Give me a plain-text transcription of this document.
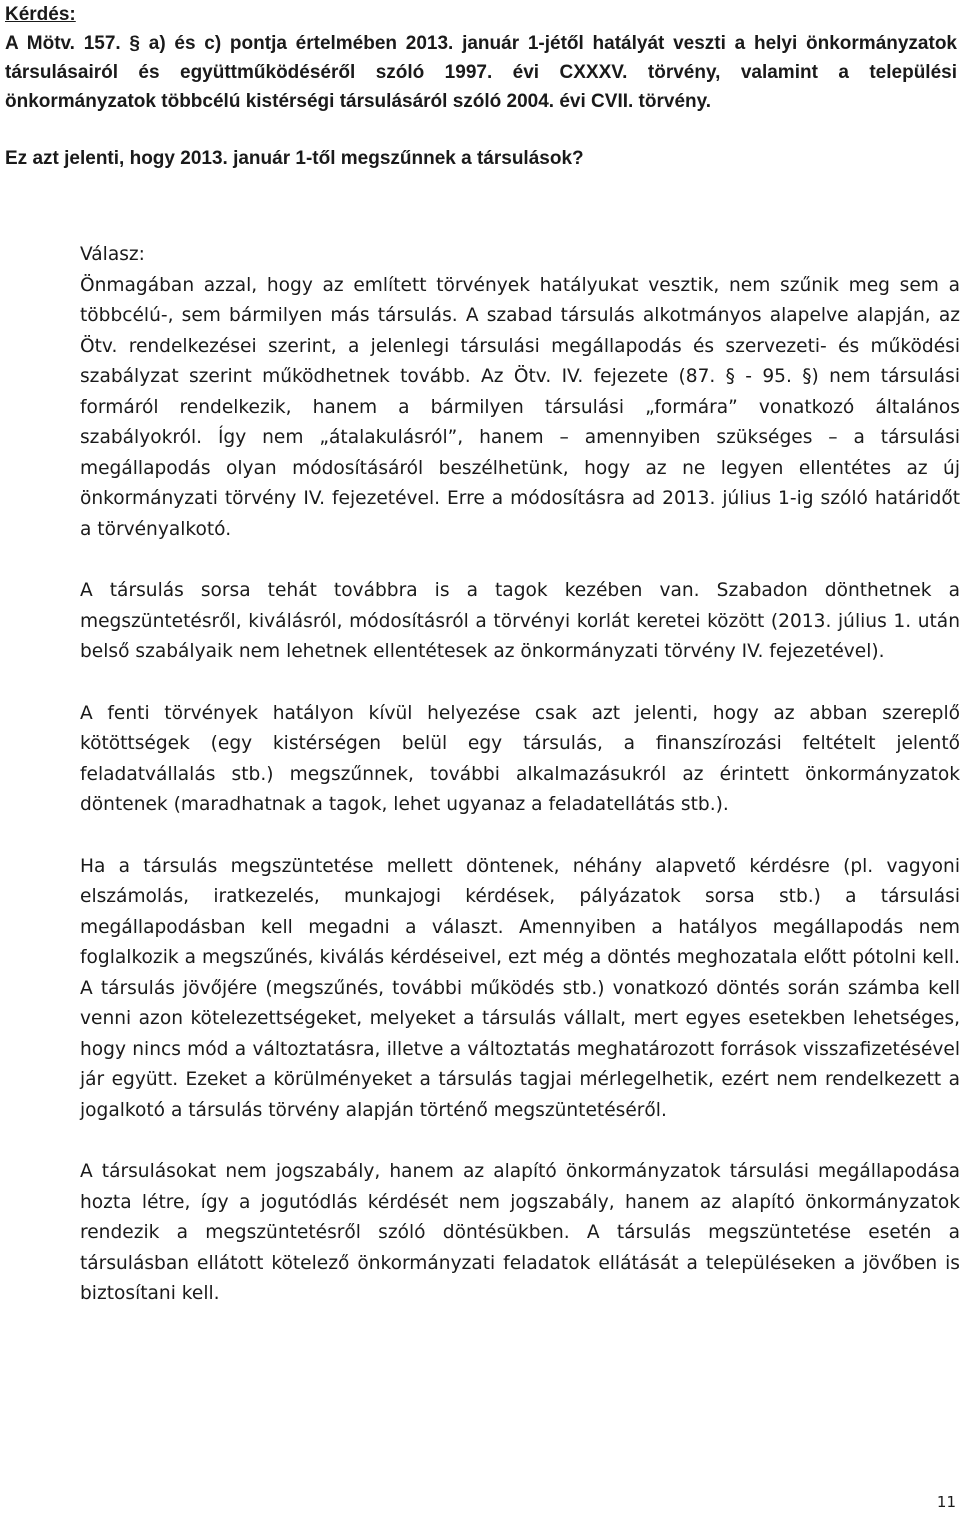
Kérdés:
A Mötv. 157. § a) és c) pontja értelmében 2013. január 1-jétől hatályát veszti a helyi önkormányzatok társulásairól és együttműködéséről szóló 1997. évi CXXXV. törvény, valamint a települési önkormányzatok többcélú kistérségi társulásáról szóló 2004. évi CVII. törvény.
Ez azt jelenti, hogy 2013. január 1-től megszűnnek a társulások?
Válasz:

Önmagában azzal, hogy az említett törvények hatályukat vesztik, nem szűnik meg sem a többcélú-, sem bármilyen más társulás. A szabad társulás alkotmányos alapelve alapján, az Ötv. rendelkezései szerint, a jelenlegi társulási megállapodás és szervezeti- és működési szabályzat szerint működhetnek tovább. Az Ötv. IV. fejezete (87. § - 95. §) nem társulási formáról rendelkezik, hanem a bármilyen társulási „formára” vonatkozó általános szabályokról. Így nem „átalakulásról”, hanem – amennyiben szükséges – a társulási megállapodás olyan módosításáról beszélhetünk, hogy az ne legyen ellentétes az új önkormányzati törvény IV. fejezetével. Erre a módosításra ad 2013. július 1-ig szóló határidőt a törvényalkotó.

A társulás sorsa tehát továbbra is a tagok kezében van. Szabadon dönthetnek a megszüntetésről, kiválásról, módosításról a törvényi korlát keretei között (2013. július 1. után belső szabályaik nem lehetnek ellentétesek az önkormányzati törvény IV. fejezetével).

A fenti törvények hatályon kívül helyezése csak azt jelenti, hogy az abban szereplő kötöttségek (egy kistérségen belül egy társulás, a finanszírozási feltételt jelentő feladatvállalás stb.) megszűnnek, további alkalmazásukról az érintett önkormányzatok döntenek (maradhatnak a tagok, lehet ugyanaz a feladatellátás stb.).

Ha a társulás megszüntetése mellett döntenek, néhány alapvető kérdésre (pl. vagyoni elszámolás, iratkezelés, munkajogi kérdések, pályázatok sorsa stb.) a társulási megállapodásban kell megadni a választ. Amennyiben a hatályos megállapodás nem foglalkozik a megszűnés, kiválás kérdéseivel, ezt még a döntés meghozatala előtt pótolni kell. A társulás jövőjére (megszűnés, további működés stb.) vonatkozó döntés során számba kell venni azon kötelezettségeket, melyeket a társulás vállalt, mert egyes esetekben lehetséges, hogy nincs mód a változtatásra, illetve a változtatás meghatározott források visszafizetésével jár együtt. Ezeket a körülményeket a társulás tagjai mérlegelhetik, ezért nem rendelkezett a jogalkotó a társulás törvény alapján történő megszüntetéséről.

A társulásokat nem jogszabály, hanem az alapító önkormányzatok társulási megállapodása hozta létre, így a jogutódlás kérdését nem jogszabály, hanem az alapító önkormányzatok rendezik a megszüntetésről szóló döntésükben. A társulás megszüntetése esetén a társulásban ellátott kötelező önkormányzati feladatok ellátását a településeken a jövőben is biztosítani kell.

11
